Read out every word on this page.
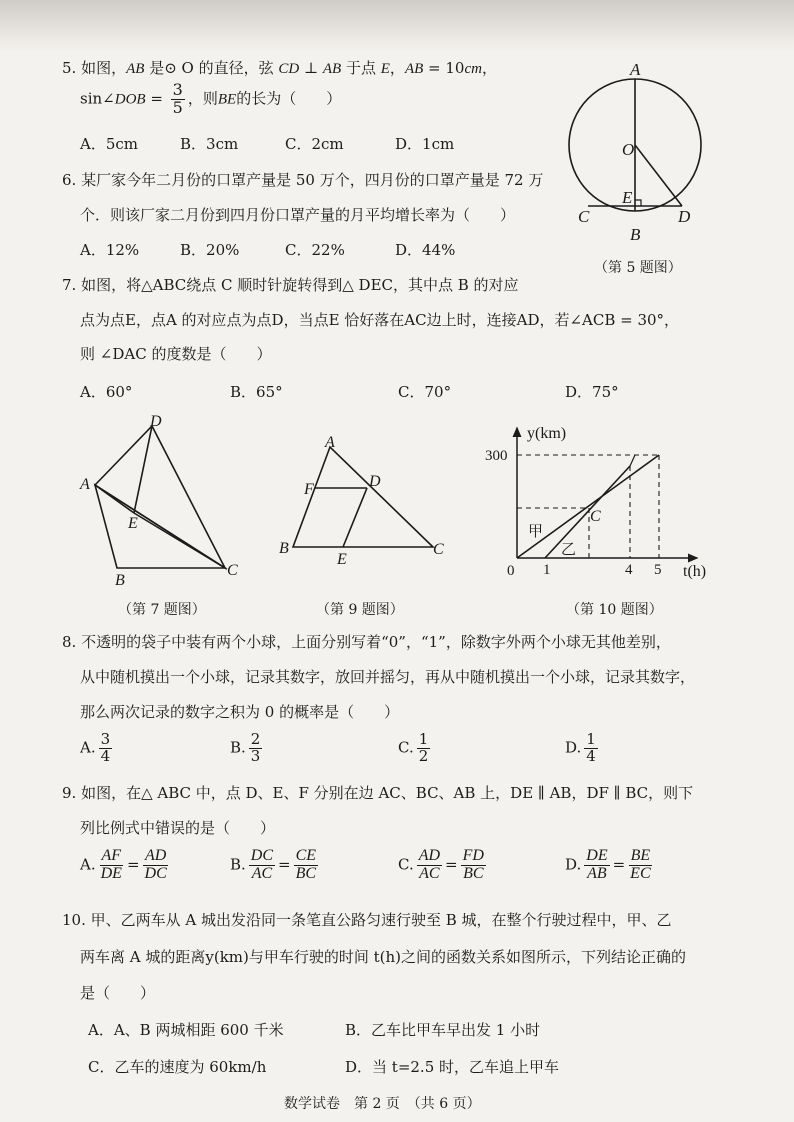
5. 如图，AB 是⊙ O 的直径，弦 CD ⊥ AB 于点 E，AB = 10cm，
sin∠DOB = $\frac{3}{5}$ ，则BE的长为（　　）
A．5cm	B．3cm	C．2cm	D．1cm
A
O
E
C	D
B
（第 5 题图）
6. 某厂家今年二月份的口罩产量是 50 万个，四月份的口罩产量是 72 万
个．则该厂家二月份到四月份口罩产量的月平均增长率为（　　）
A．12%	B．20%	C．22%	D．44%
7. 如图，将△ABC绕点 C 顺时针旋转得到△ DEC，其中点 B 的对应
点为点E，点A 的对应点为点D，当点E 恰好落在AC边上时，连接AD，若∠ACB = 30°，
则 ∠DAC 的度数是（　　）
A．60°	B．65°	C．70°	D．75°
D
A
E
B
C
（第 7 题图）
A
F	D
B
E
C
（第 9 题图）
y(km)
t(h)
300
0 1	4 5
C
甲
乙
（第 10 题图）
8. 不透明的袋子中装有两个小球，上面分别写着“0”，“1”，除数字外两个小球无其他差别，
从中随机摸出一个小球，记录其数字，放回并摇匀，再从中随机摸出一个小球，记录其数字，
那么两次记录的数字之积为 0 的概率是（　　）
A. $\frac{3}{4}$	B. $\frac{2}{3}$	C. $\frac{1}{2}$	D. $\frac{1}{4}$
9. 如图，在△ ABC 中，点 D、E、F 分别在边 AC、BC、AB 上，DE ∥ AB，DF ∥ BC，则下
列比例式中错误的是（　　）
A. $\frac{AF}{DE} = \frac{AD}{DC}$	B. $\frac{DC}{AC} = \frac{CE}{BC}$	C. $\frac{AD}{AC} = \frac{FD}{BC}$	D. $\frac{DE}{AB} = \frac{BE}{EC}$
10. 甲、乙两车从 A 城出发沿同一条笔直公路匀速行驶至 B 城，在整个行驶过程中，甲、乙
两车离 A 城的距离y(km)与甲车行驶的时间 t(h)之间的函数关系如图所示，下列结论正确的
是（　　）
A．A、B 两城相距 600 千米	B．乙车比甲车早出发 1 小时
C．乙车的速度为 60km/h	D．当 t=2.5 时，乙车追上甲车
数学试卷　第 2 页　（共 6 页）
